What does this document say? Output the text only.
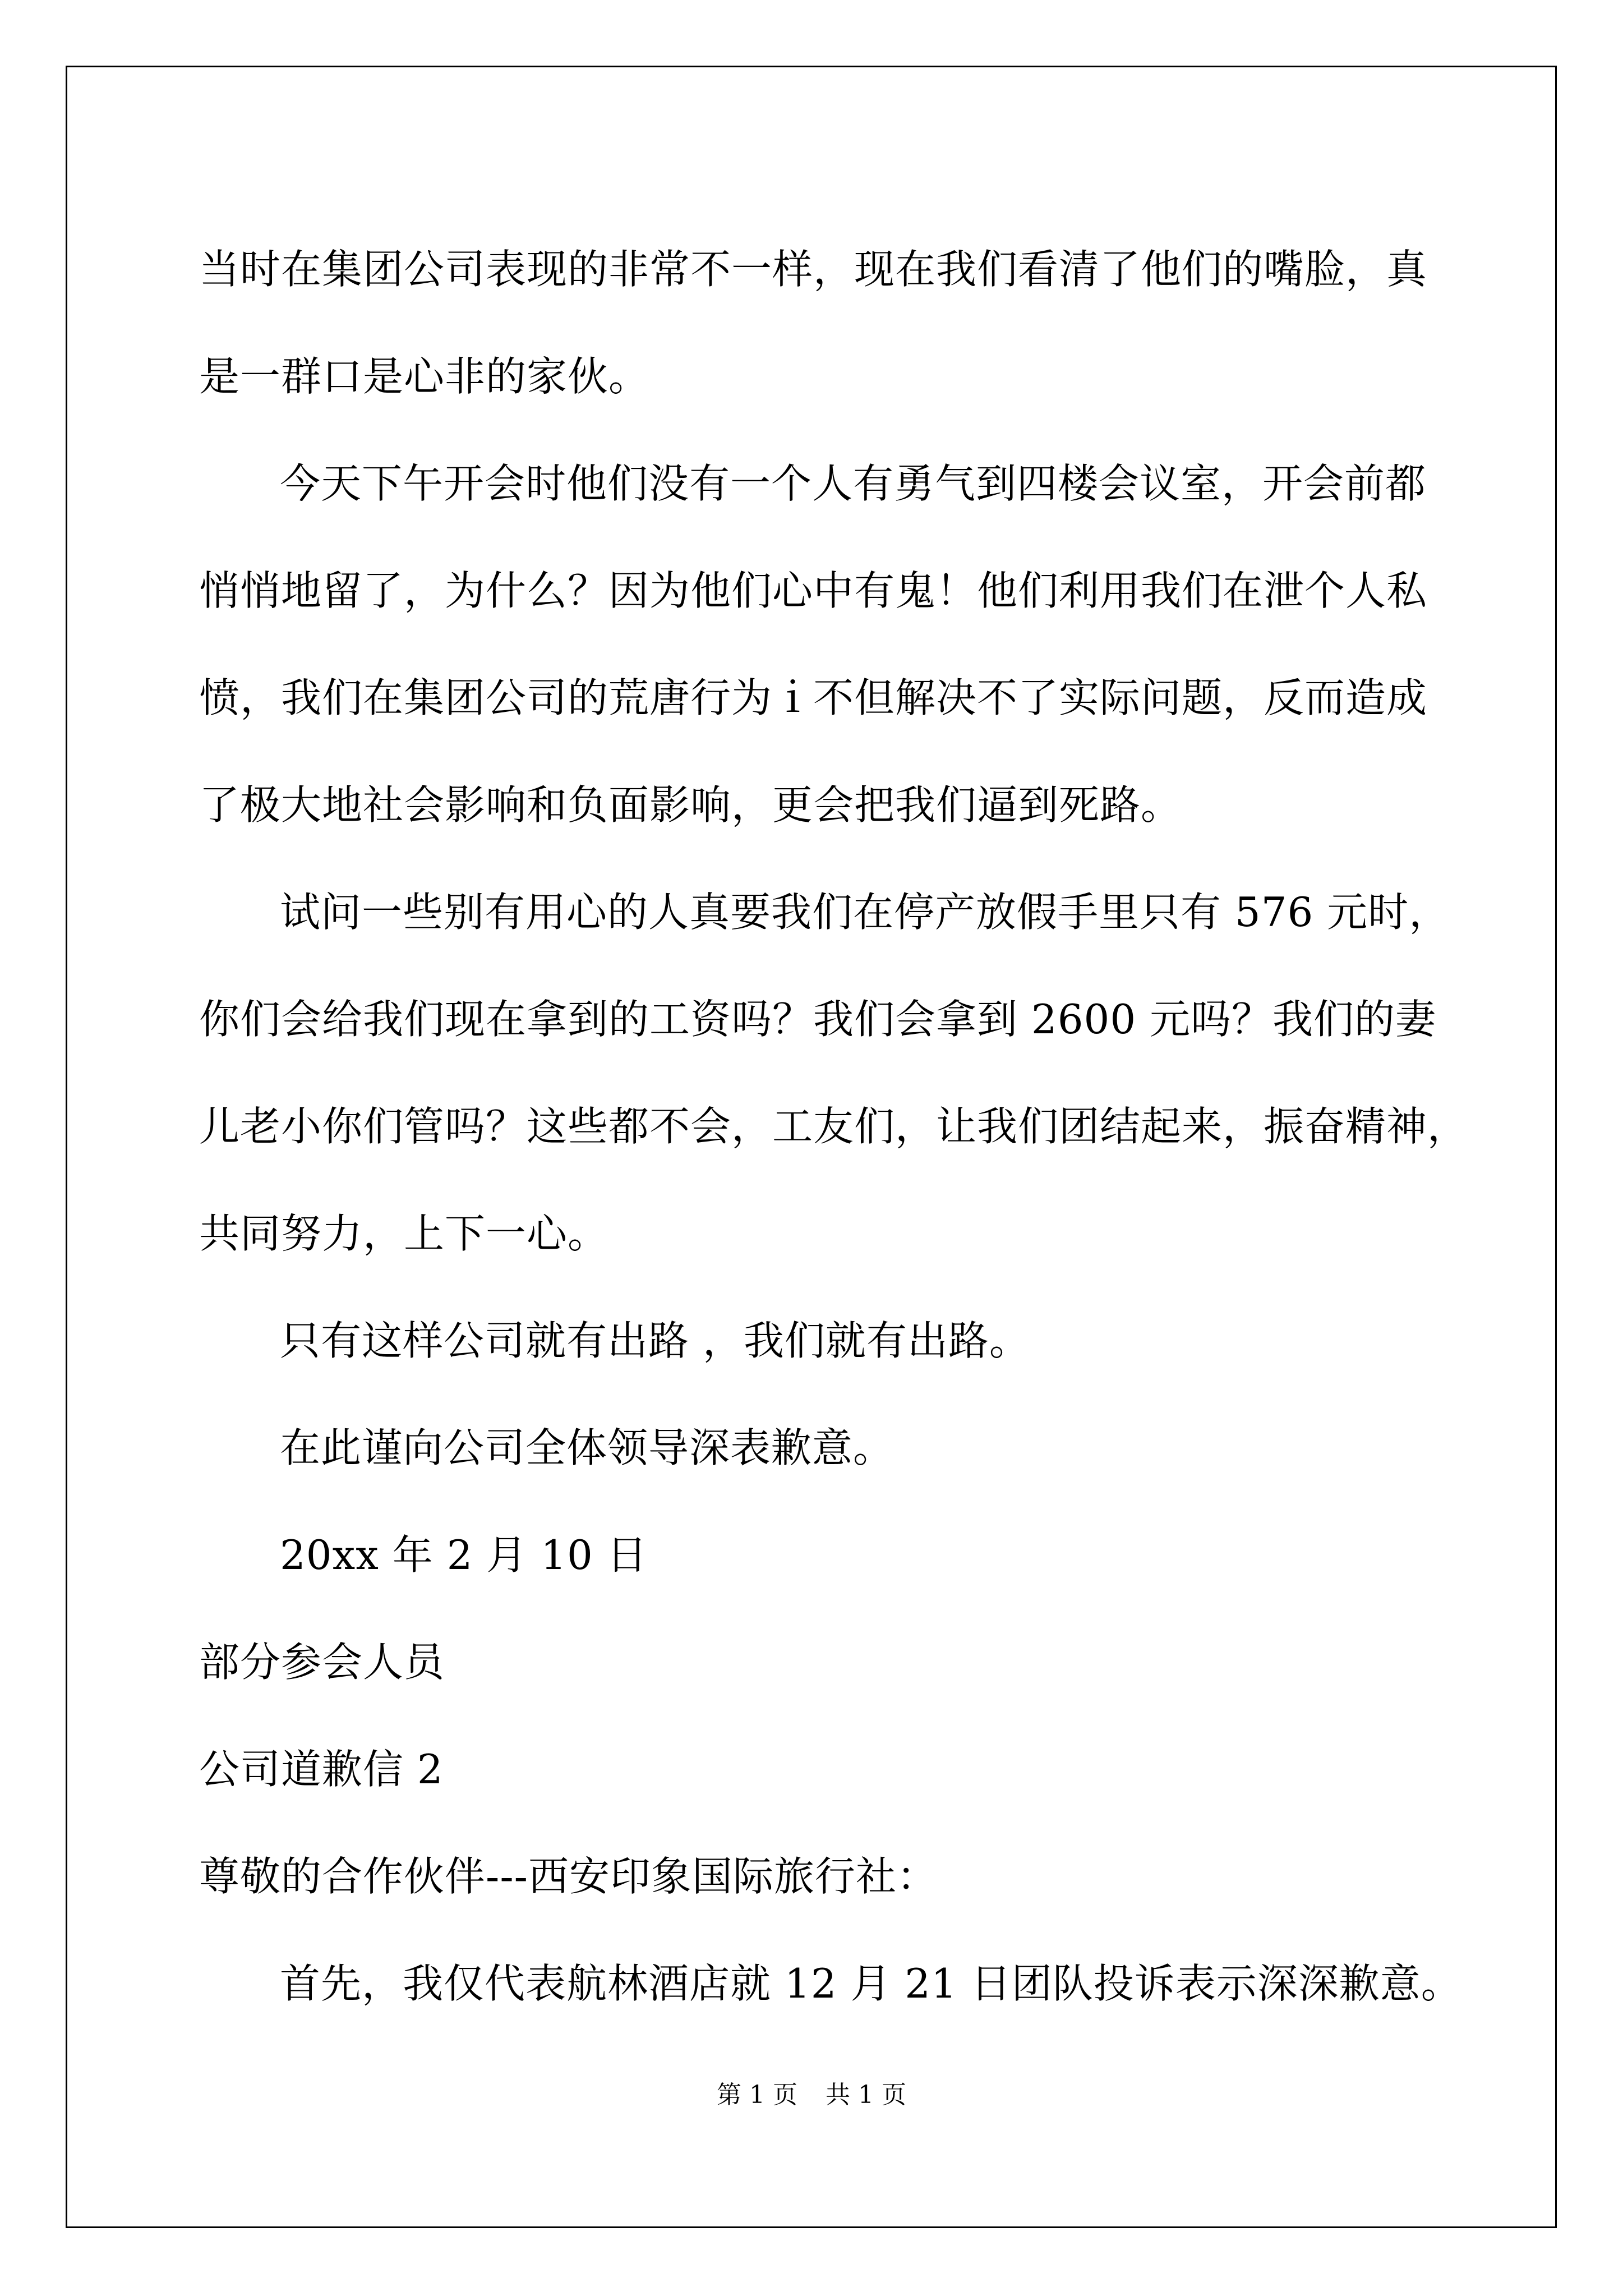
当时在集团公司表现的非常不一样，现在我们看清了他们的嘴脸，真
是一群口是心非的家伙。
今天下午开会时他们没有一个人有勇气到四楼会议室，开会前都
悄悄地留了，为什么？因为他们心中有鬼！他们利用我们在泄个人私
愤，我们在集团公司的荒唐行为ｉ不但解决不了实际问题，反而造成
了极大地社会影响和负面影响，更会把我们逼到死路。
试问一些别有用心的人真要我们在停产放假手里只有 576 元时，
你们会给我们现在拿到的工资吗？我们会拿到 2600 元吗？我们的妻
儿老小你们管吗？这些都不会，工友们，让我们团结起来，振奋精神，
共同努力，上下一心。
只有这样公司就有出路 ，我们就有出路。
在此谨向公司全体领导深表歉意。
20xx 年 2 月 10 日
部分参会人员
公司道歉信 2
尊敬的合作伙伴---西安印象国际旅行社：
首先，我仅代表航林酒店就 12 月 21 日团队投诉表示深深歉意。
第 1 页 共 1 页
